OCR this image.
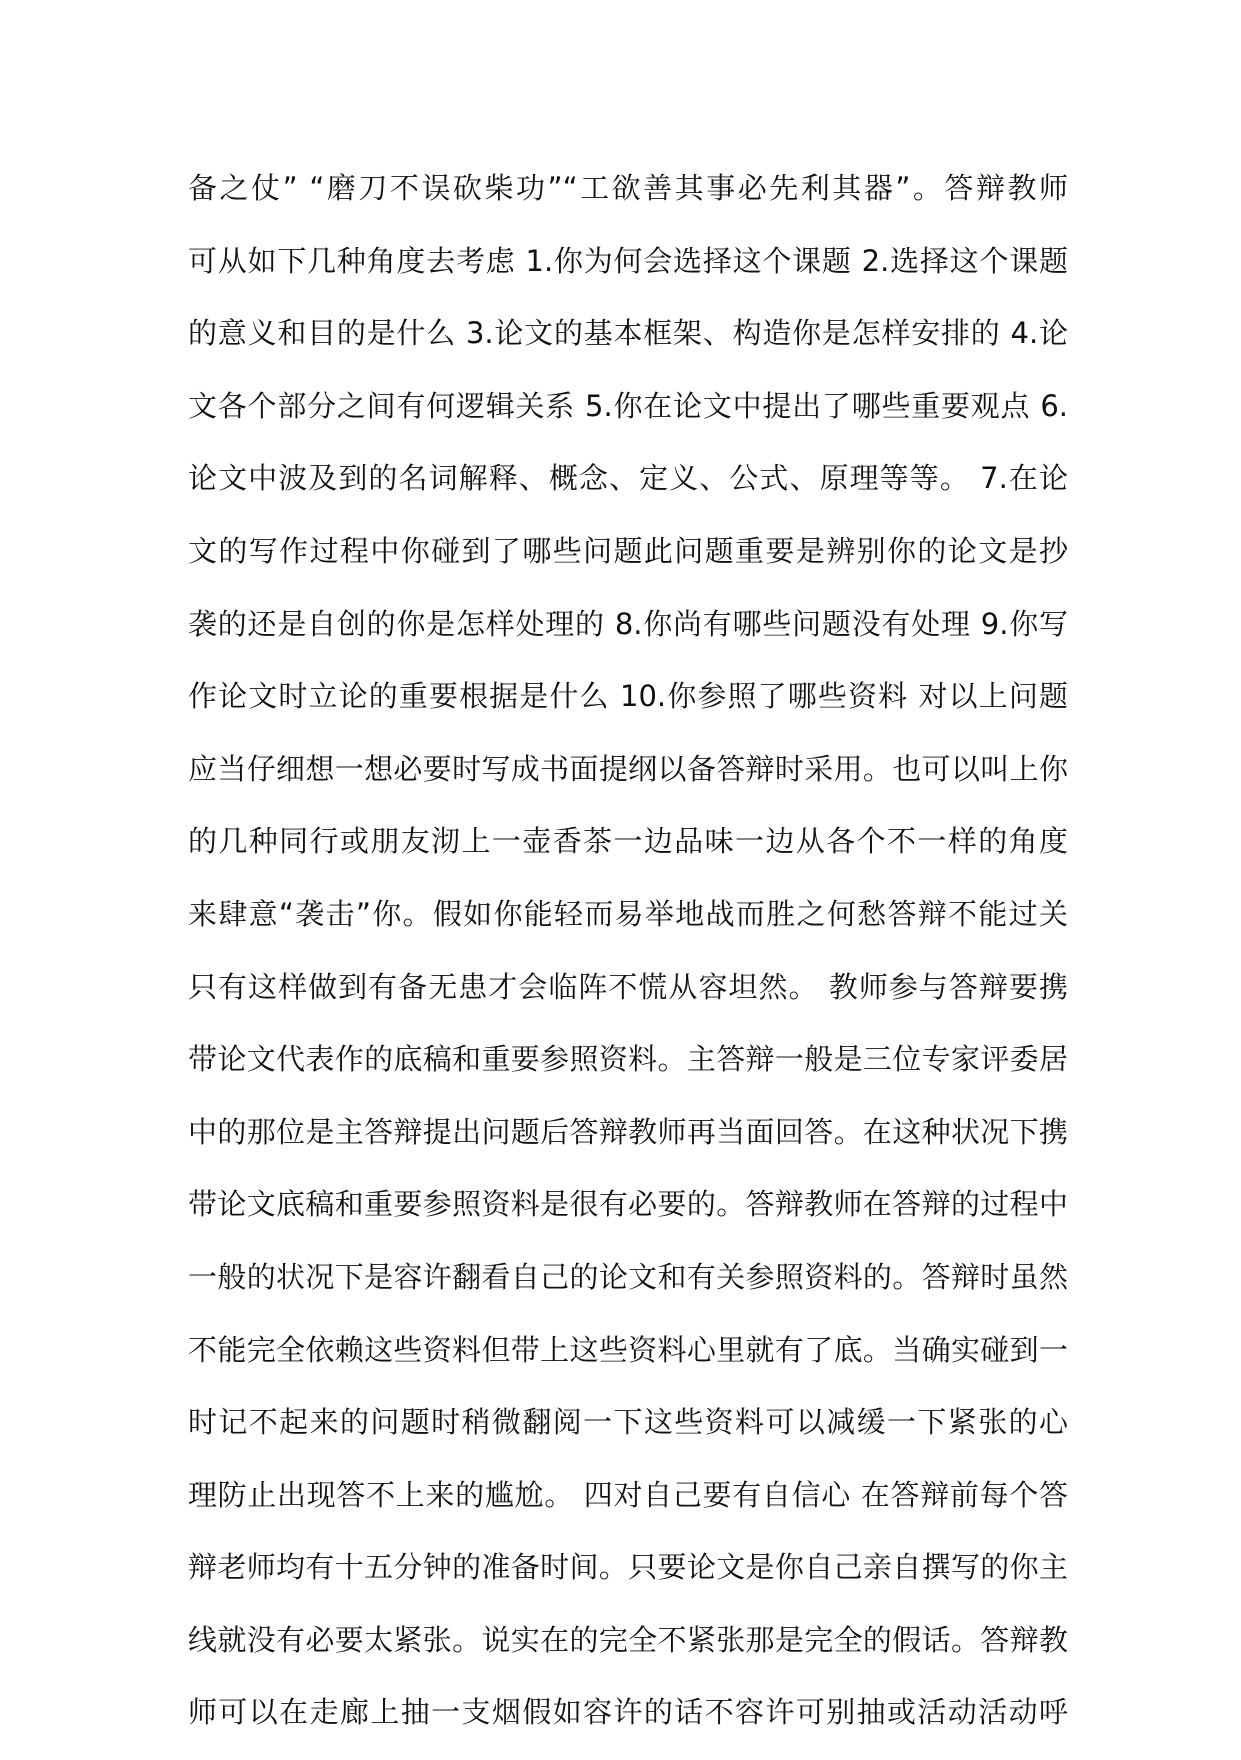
备之仗” “磨刀不误砍柴功”“工欲善其事必先利其器”。答辩教师
可从如下几种角度去考虑 1.你为何会选择这个课题 2.选择这个课题
的意义和目的是什么 3.论文的基本框架、构造你是怎样安排的 4.论
文各个部分之间有何逻辑关系 5.你在论文中提出了哪些重要观点 6.
论文中波及到的名词解释、概念、定义、公式、原理等等。 7.在论
文的写作过程中你碰到了哪些问题此问题重要是辨别你的论文是抄
袭的还是自创的你是怎样处理的 8.你尚有哪些问题没有处理 9.你写
作论文时立论的重要根据是什么 10.你参照了哪些资料 对以上问题
应当仔细想一想必要时写成书面提纲以备答辩时采用。也可以叫上你
的几种同行或朋友沏上一壶香茶一边品味一边从各个不一样的角度
来肆意“袭击”你。假如你能轻而易举地战而胜之何愁答辩不能过关
只有这样做到有备无患才会临阵不慌从容坦然。 教师参与答辩要携
带论文代表作的底稿和重要参照资料。主答辩一般是三位专家评委居
中的那位是主答辩提出问题后答辩教师再当面回答。在这种状况下携
带论文底稿和重要参照资料是很有必要的。答辩教师在答辩的过程中
一般的状况下是容许翻看自己的论文和有关参照资料的。答辩时虽然
不能完全依赖这些资料但带上这些资料心里就有了底。当确实碰到一
时记不起来的问题时稍微翻阅一下这些资料可以减缓一下紧张的心
理防止出现答不上来的尴尬。 四对自己要有自信心 在答辩前每个答
辩老师均有十五分钟的准备时间。只要论文是你自己亲自撰写的你主
线就没有必要太紧张。说实在的完全不紧张那是完全的假话。答辩教
师可以在走廊上抽一支烟假如容许的话不容许可别抽或活动活动呼
